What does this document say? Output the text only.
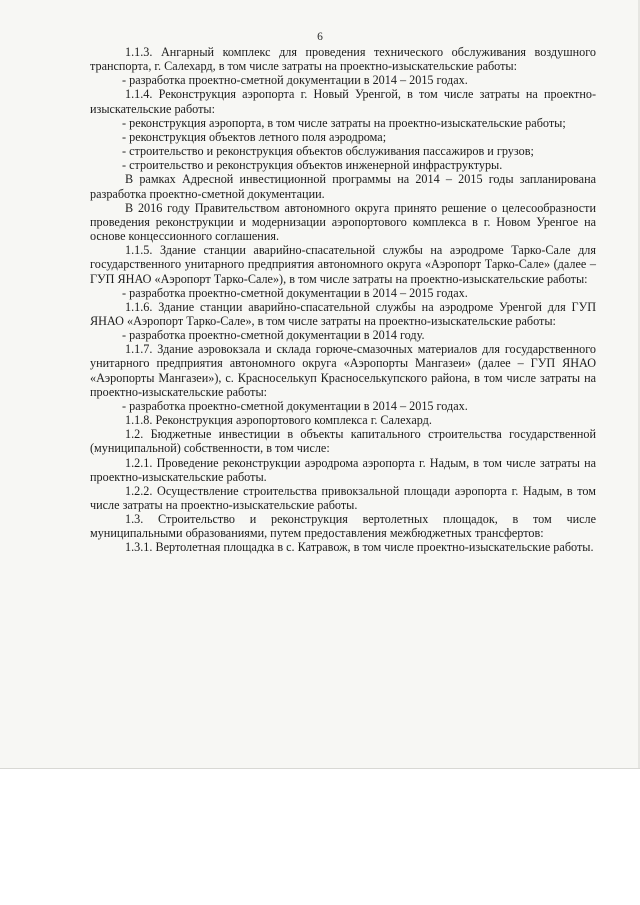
6

1.1.3. Ангарный комплекс для проведения технического обслуживания воздушного транспорта, г. Салехард, в том числе затраты на проектно-изыскательские работы:

- разработка проектно-сметной документации в 2014 – 2015 годах.

1.1.4. Реконструкция аэропорта г. Новый Уренгой, в том числе затраты на проектно-изыскательские работы:

- реконструкция аэропорта, в том числе затраты на проектно-изыскательские работы;

- реконструкция объектов летного поля аэродрома;

- строительство и реконструкция объектов обслуживания пассажиров и грузов;

- строительство и реконструкция объектов инженерной инфраструктуры.

В рамках Адресной инвестиционной программы на 2014 – 2015 годы запланирована разработка проектно-сметной документации.

В 2016 году Правительством автономного округа принято решение о целесообразности проведения реконструкции и модернизации аэропортового комплекса в г. Новом Уренгое на основе концессионного соглашения.

1.1.5. Здание станции аварийно-спасательной службы на аэродроме Тарко-Сале для государственного унитарного предприятия автономного округа «Аэропорт Тарко-Сале» (далее – ГУП ЯНАО «Аэропорт Тарко-Сале»), в том числе затраты на проектно-изыскательские работы:

- разработка проектно-сметной документации в 2014 – 2015 годах.

1.1.6. Здание станции аварийно-спасательной службы на аэродроме Уренгой для ГУП ЯНАО «Аэропорт Тарко-Сале», в том числе затраты на проектно-изыскательские работы:

- разработка проектно-сметной документации в 2014 году.

1.1.7. Здание аэровокзала и склада горюче-смазочных материалов для государственного унитарного предприятия автономного округа «Аэропорты Мангазеи» (далее – ГУП ЯНАО «Аэропорты Мангазеи»), с. Красноселькуп Красноселькупского района, в том числе затраты на проектно-изыскательские работы:

- разработка проектно-сметной документации в 2014 – 2015 годах.

1.1.8. Реконструкция аэропортового комплекса г. Салехард.

1.2. Бюджетные инвестиции в объекты капитального строительства государственной (муниципальной) собственности, в том числе:

1.2.1. Проведение реконструкции аэродрома аэропорта г. Надым, в том числе затраты на проектно-изыскательские работы.

1.2.2. Осуществление строительства привокзальной площади аэропорта г. Надым, в том числе затраты на проектно-изыскательские работы.

1.3. Строительство и реконструкция вертолетных площадок, в том числе муниципальными образованиями, путем предоставления межбюджетных трансфертов:

1.3.1. Вертолетная площадка в с. Катравож, в том числе проектно-изыскательские работы.
